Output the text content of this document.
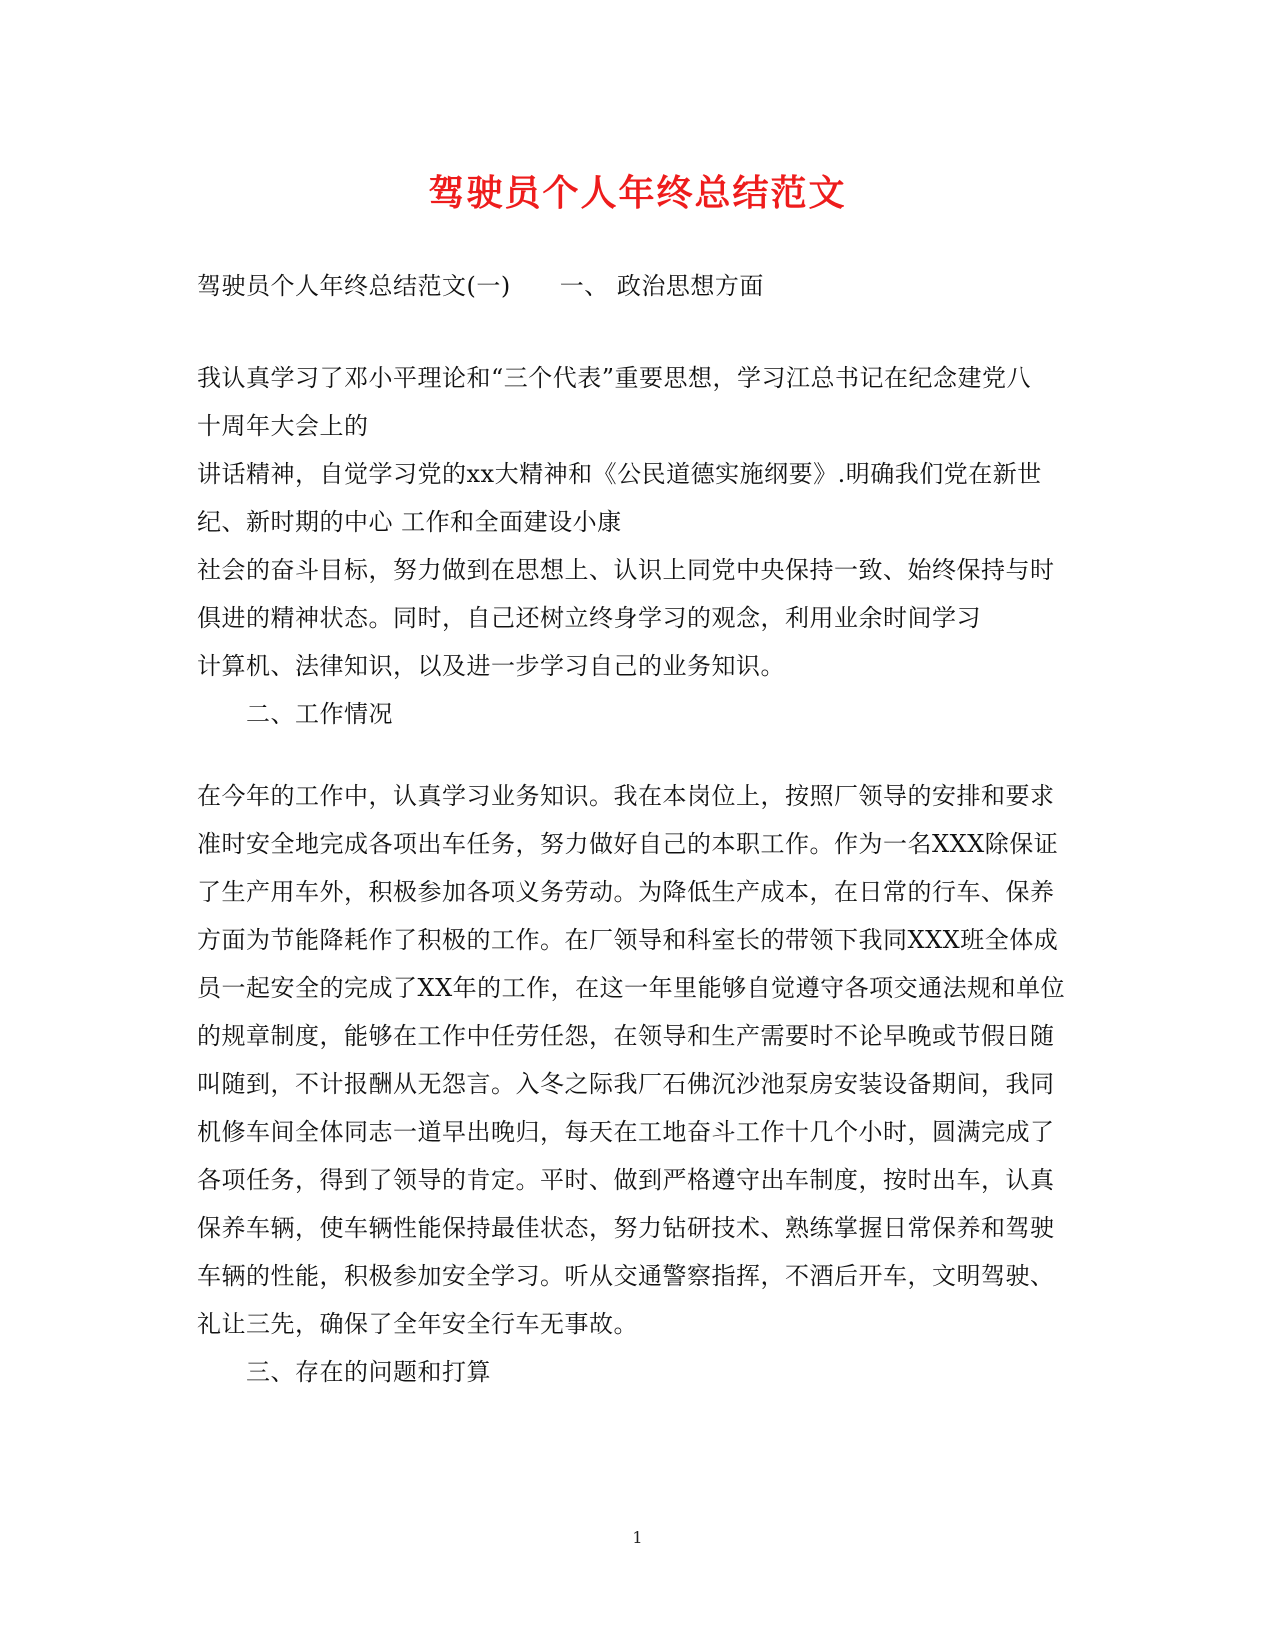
驾驶员个人年终总结范文
驾驶员个人年终总结范文(一)　　一、 政治思想方面
我认真学习了邓小平理论和“三个代表”重要思想，学习江总书记在纪念建党八
十周年大会上的
讲话精神，自觉学习党的xx大精神和《公民道德实施纲要》.明确我们党在新世
纪、新时期的中心 工作和全面建设小康
社会的奋斗目标，努力做到在思想上、认识上同党中央保持一致、始终保持与时
俱进的精神状态。同时，自己还树立终身学习的观念，利用业余时间学习
计算机、法律知识，以及进一步学习自己的业务知识。
二、工作情况
在今年的工作中，认真学习业务知识。我在本岗位上，按照厂领导的安排和要求
准时安全地完成各项出车任务，努力做好自己的本职工作。作为一名XXX除保证
了生产用车外，积极参加各项义务劳动。为降低生产成本，在日常的行车、保养
方面为节能降耗作了积极的工作。在厂领导和科室长的带领下我同XXX班全体成
员一起安全的完成了XX年的工作，在这一年里能够自觉遵守各项交通法规和单位
的规章制度，能够在工作中任劳任怨，在领导和生产需要时不论早晚或节假日随
叫随到，不计报酬从无怨言。入冬之际我厂石佛沉沙池泵房安装设备期间，我同
机修车间全体同志一道早出晚归，每天在工地奋斗工作十几个小时，圆满完成了
各项任务，得到了领导的肯定。平时、做到严格遵守出车制度，按时出车，认真
保养车辆，使车辆性能保持最佳状态，努力钻研技术、熟练掌握日常保养和驾驶
车辆的性能，积极参加安全学习。听从交通警察指挥，不酒后开车，文明驾驶、
礼让三先，确保了全年安全行车无事故。
三、存在的问题和打算
1
